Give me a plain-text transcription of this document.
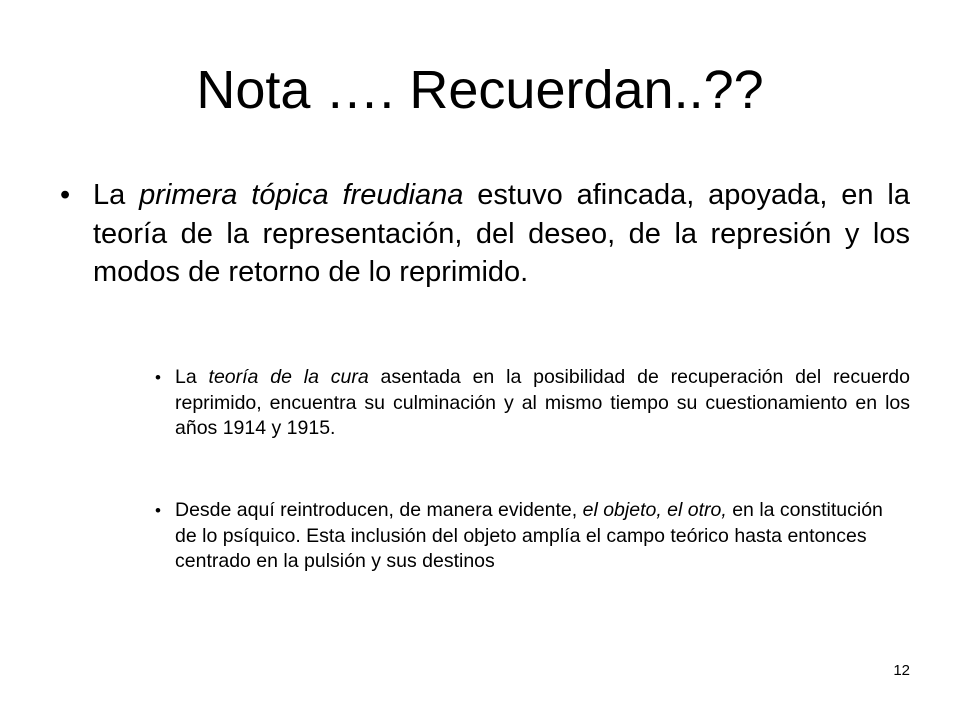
Nota …. Recuerdan..??
• La primera tópica freudiana estuvo afincada, apoyada, en la teoría de la representación, del deseo, de la represión y los modos de retorno de lo reprimido.
• La teoría de la cura asentada en la posibilidad de recuperación del recuerdo reprimido, encuentra su culminación y al mismo tiempo su cuestionamiento en los años 1914 y 1915.
• Desde aquí reintroducen, de manera evidente, el objeto, el otro, en la constitución de lo psíquico. Esta inclusión del objeto amplía el campo teórico hasta entonces centrado en la pulsión y sus destinos
12
